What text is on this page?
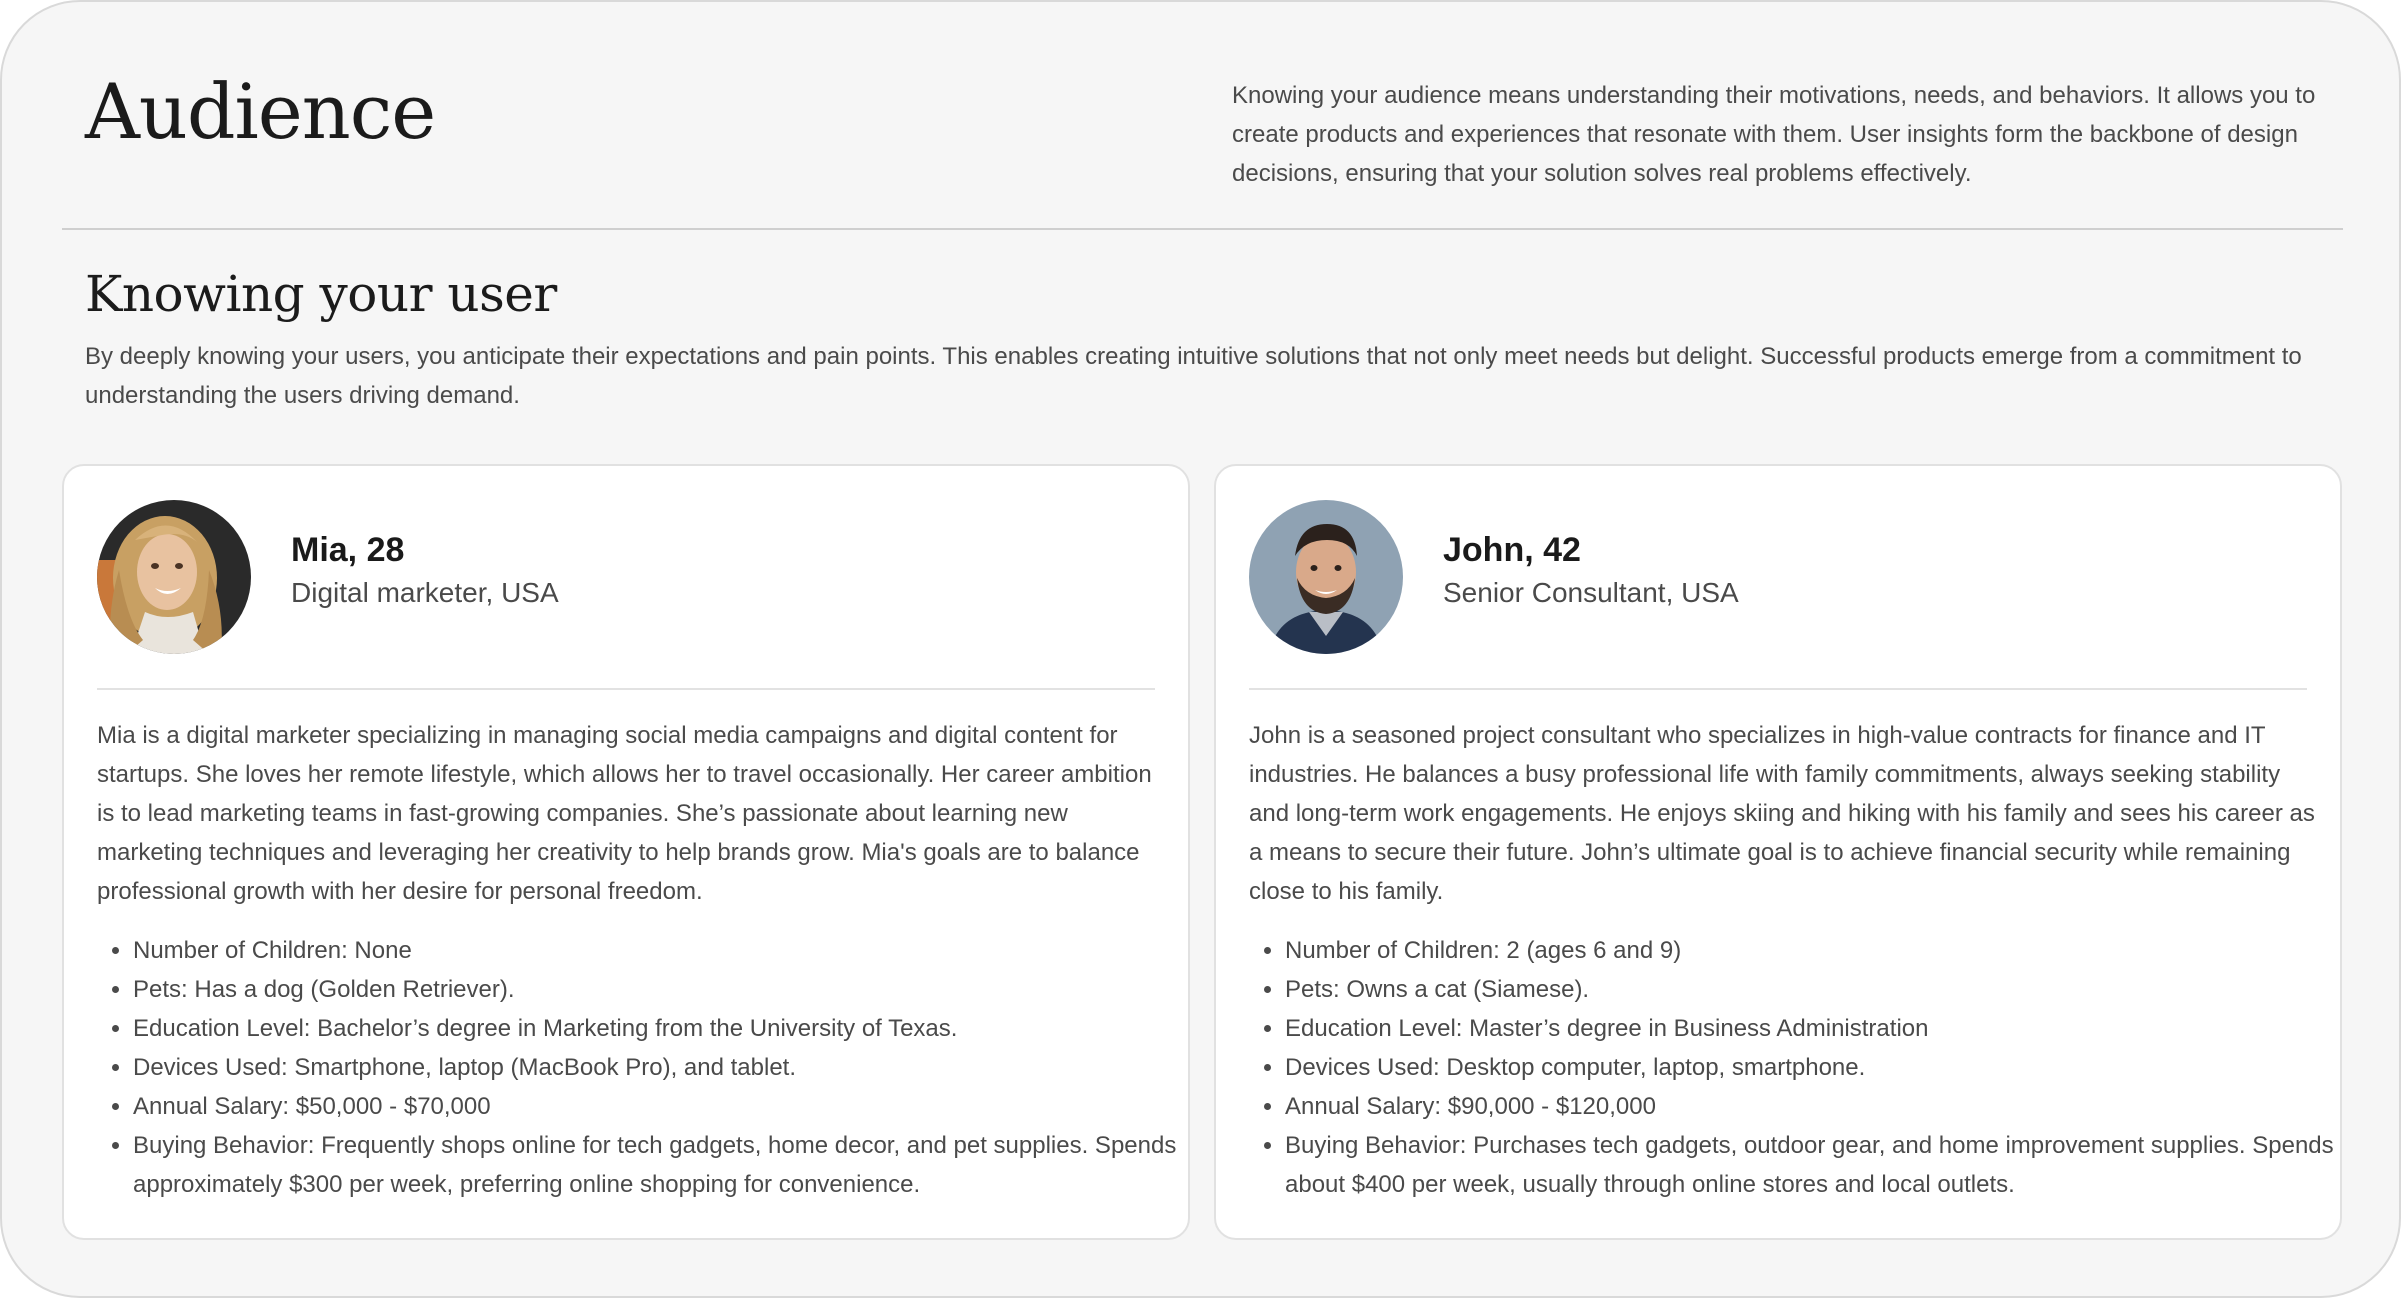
Audience	Knowing your audience means understanding their motivations, needs, and behaviors. It allows you to create products and experiences that resonate with them. User insights form the backbone of design decisions, ensuring that your solution solves real problems effectively.

Knowing your user

By deeply knowing your users, you anticipate their expectations and pain points. This enables creating intuitive solutions that not only meet needs but delight. Successful products emerge from a commitment to understanding the users driving demand.

Mia, 28

Digital marketer, USA

Mia is a digital marketer specializing in managing social media campaigns and digital content for startups. She loves her remote lifestyle, which allows her to travel occasionally. Her career ambition is to lead marketing teams in fast-growing companies. She’s passionate about learning new marketing techniques and leveraging her creativity to help brands grow. Mia's goals are to balance professional growth with her desire for personal freedom.

• Number of Children: None
• Pets: Has a dog (Golden Retriever).
• Education Level: Bachelor’s degree in Marketing from the University of Texas.
• Devices Used: Smartphone, laptop (MacBook Pro), and tablet.
• Annual Salary: $50,000 - $70,000
• Buying Behavior: Frequently shops online for tech gadgets, home decor, and pet supplies. Spends approximately $300 per week, preferring online shopping for convenience.
John, 42

Senior Consultant, USA

John is a seasoned project consultant who specializes in high-value contracts for finance and IT industries. He balances a busy professional life with family commitments, always seeking stability and long-term work engagements. He enjoys skiing and hiking with his family and sees his career as a means to secure their future. John’s ultimate goal is to achieve financial security while remaining close to his family.

• Number of Children: 2 (ages 6 and 9)
• Pets: Owns a cat (Siamese).
• Education Level: Master’s degree in Business Administration
• Devices Used: Desktop computer, laptop, smartphone.
• Annual Salary: $90,000 - $120,000
• Buying Behavior: Purchases tech gadgets, outdoor gear, and home improvement supplies. Spends about $400 per week, usually through online stores and local outlets.
